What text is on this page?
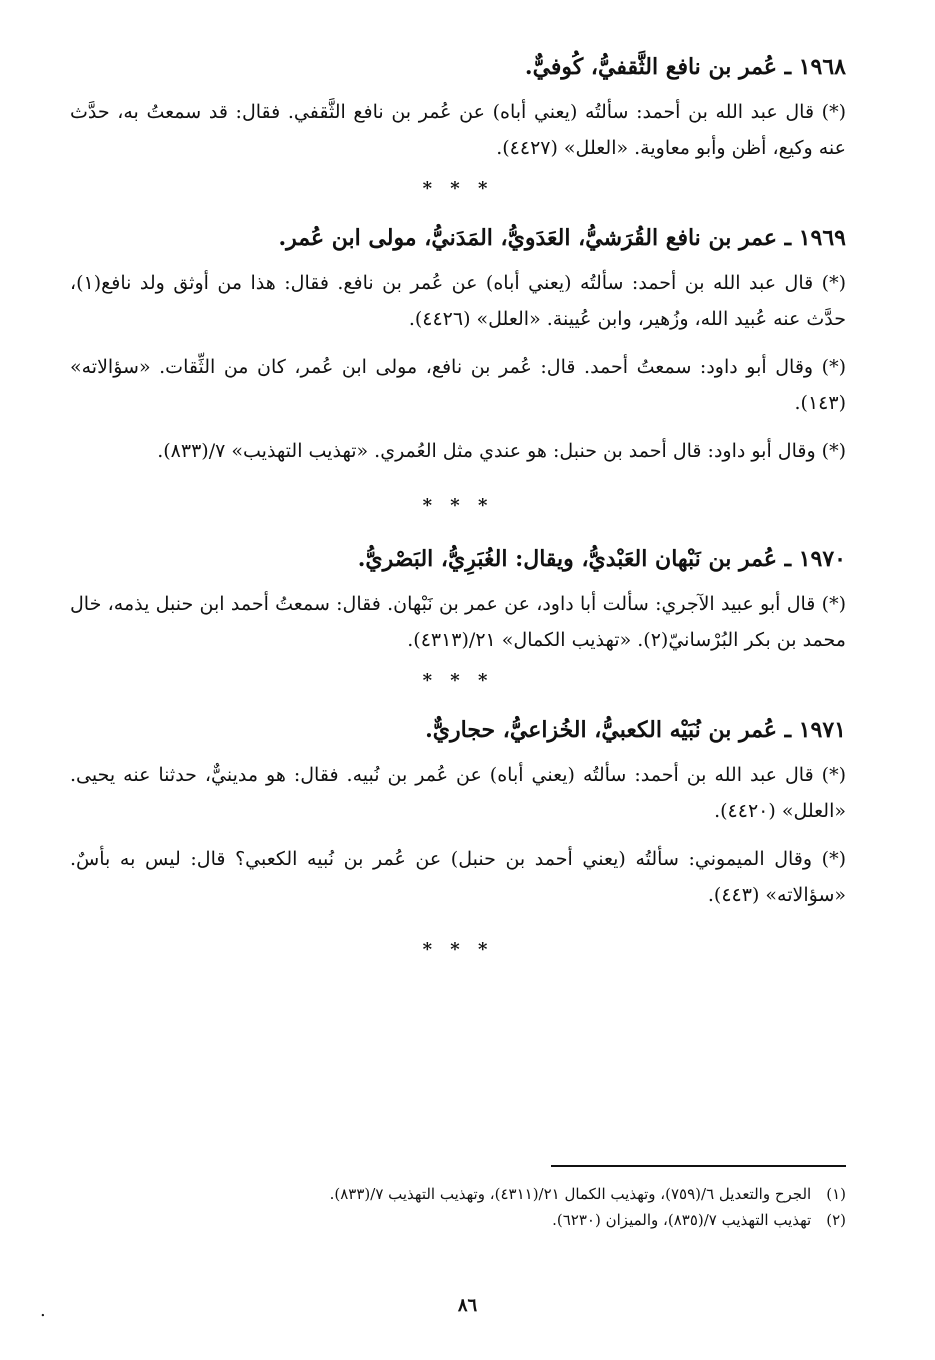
١٩٦٨ ـ عُمر بن نافع الثَّقفيُّ، كُوفيٌّ.

(*) قال عبد الله بن أحمد: سألتُه (يعني أباه) عن عُمر بن نافع الثَّقفي. فقال: قد سمعتُ به، حدَّث عنه وكيع، أظن وأبو معاوية. «العلل» (٤٤٢٧).

* * *
١٩٦٩ ـ عمر بن نافع القُرَشيُّ، العَدَويُّ، المَدَنيُّ، مولى ابن عُمر.

(*) قال عبد الله بن أحمد: سألتُه (يعني أباه) عن عُمر بن نافع. فقال: هذا من أوثق ولد نافع(١)، حدَّث عنه عُبيد الله، وزُهير، وابن عُيينة. «العلل» (٤٤٢٦).

(*) وقال أبو داود: سمعتُ أحمد. قال: عُمر بن نافع، مولى ابن عُمر، كان من الثِّقات. «سؤالاته» (١٤٣).

(*) وقال أبو داود: قال أحمد بن حنبل: هو عندي مثل العُمري. «تهذيب التهذيب» ٧/(٨٣٣).

* * *
١٩٧٠ ـ عُمر بن نَبْهان العَبْديُّ، ويقال: الغُبَرِيُّ، البَصْريُّ.

(*) قال أبو عبيد الآجري: سألت أبا داود، عن عمر بن نَبْهان. فقال: سمعتُ أحمد ابن حنبل يذمه، خال محمد بن بكر البُرْسانيّ(٢). «تهذيب الكمال» ٢١/(٤٣١٣).

* * *
١٩٧١ ـ عُمر بن نُبَيْه الكعبيُّ، الخُزاعيُّ، حجاريٌّ.

(*) قال عبد الله بن أحمد: سألتُه (يعني أباه) عن عُمر بن نُبيه. فقال: هو مدينيٌّ، حدثنا عنه يحيى. «العلل» (٤٤٢٠).

(*) وقال الميموني: سألتُه (يعني أحمد بن حنبل) عن عُمر بن نُبيه الكعبي؟ قال: ليس به بأسٌ. «سؤالاته» (٤٤٣).

* * *
(١) الجرح والتعديل ٦/(٧٥٩)، وتهذيب الكمال ٢١/(٤٣١١)، وتهذيب التهذيب ٧/(٨٣٣).
(٢) تهذيب التهذيب ٧/(٨٣٥)، والميزان (٦٢٣٠).
٨٦
.
